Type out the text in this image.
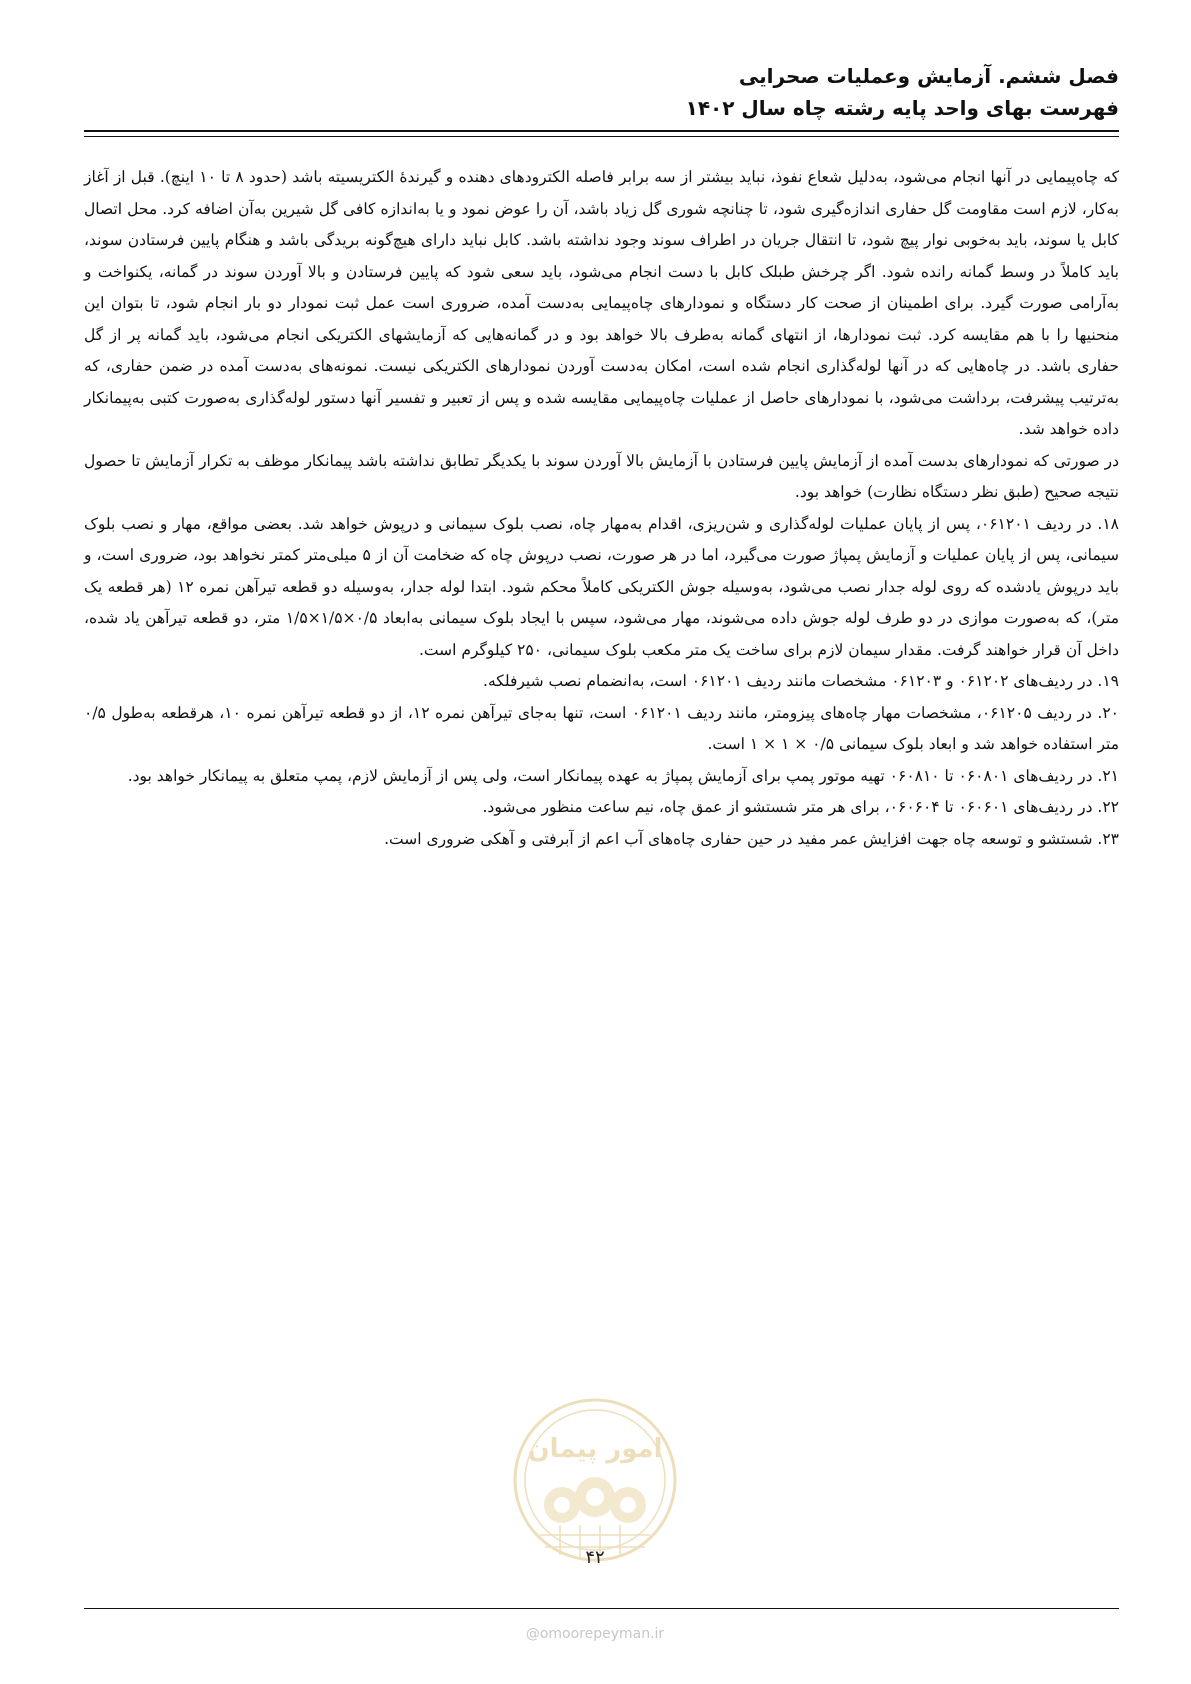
فصل ششم. آزمایش وعملیات صحرایی
فهرست بهای واحد پایه رشته چاه سال ۱۴۰۲

که چاه‌پیمایی در آنها انجام می‌شود، به‌دلیل شعاع نفوذ، نباید بیشتر از سه برابر فاصله الکترودهای دهنده و گیرندهٔ الکتریسیته باشد (حدود ۸ تا ۱۰ اینچ). قبل از آغاز به‌کار، لازم است مقاومت گل حفاری اندازه‌گیری شود، تا چنانچه شوری گل زیاد باشد، آن را عوض نمود و یا به‌اندازه کافی گل شیرین به‌آن اضافه کرد. محل اتصال کابل یا سوند، باید به‌خوبی نوار پیچ شود، تا انتقال جریان در اطراف سوند وجود نداشته باشد. کابل نباید دارای هیچ‌گونه بریدگی باشد و هنگام پایین فرستادن سوند، باید کاملاً در وسط گمانه رانده شود. اگر چرخش طبلک کابل با دست انجام می‌شود، باید سعی شود که پایین فرستادن و بالا آوردن سوند در گمانه، یکنواخت و به‌آرامی صورت گیرد. برای اطمینان از صحت کار دستگاه و نمودارهای چاه‌پیمایی به‌دست آمده، ضروری است عمل ثبت نمودار دو بار انجام شود، تا بتوان این منحنیها را با هم مقایسه کرد. ثبت نمودارها، از انتهای گمانه به‌طرف بالا خواهد بود و در گمانه‌هایی که آزمایشهای الکتریکی انجام می‌شود، باید گمانه پر از گل حفاری باشد. در چاه‌هایی که در آنها لوله‌گذاری انجام شده است، امکان به‌دست آوردن نمودارهای الکتریکی نیست. نمونه‌های به‌دست آمده در ضمن حفاری، که به‌ترتیب پیشرفت، برداشت می‌شود، با نمودارهای حاصل از عملیات چاه‌پیمایی مقایسه شده و پس از تعبیر و تفسیر آنها دستور لوله‌گذاری به‌صورت کتبی به‌پیمانکار داده خواهد شد.

در صورتی که نمودارهای بدست آمده از آزمایش پایین فرستادن با آزمایش بالا آوردن سوند با یکدیگر تطابق نداشته باشد پیمانکار موظف به تکرار آزمایش تا حصول نتیجه صحیح (طبق نظر دستگاه نظارت) خواهد بود.

۱۸. در ردیف ۰۶۱۲۰۱، پس از پایان عملیات لوله‌گذاری و شن‌ریزی، اقدام به‌مهار چاه، نصب بلوک سیمانی و درپوش خواهد شد. بعضی مواقع، مهار و نصب بلوک سیمانی، پس از پایان عملیات و آزمایش پمپاژ صورت می‌گیرد، اما در هر صورت، نصب درپوش چاه که ضخامت آن از ۵ میلی‌متر کمتر نخواهد بود، ضروری است، و باید درپوش یادشده که روی لوله جدار نصب می‌شود، به‌وسیله جوش الکتریکی کاملاً محکم شود. ابتدا لوله جدار، به‌وسیله دو قطعه تیرآهن نمره ۱۲ (هر قطعه یک متر)، که به‌صورت موازی در دو طرف لوله جوش داده می‌شوند، مهار می‌شود، سپس با ایجاد بلوک سیمانی به‌ابعاد ۰/۵×۱/۵×۱/۵ متر، دو قطعه تیرآهن یاد شده، داخل آن قرار خواهند گرفت. مقدار سیمان لازم برای ساخت یک متر مکعب بلوک سیمانی، ۲۵۰ کیلوگرم است.

۱۹. در ردیف‌های ۰۶۱۲۰۲ و ۰۶۱۲۰۳ مشخصات مانند ردیف ۰۶۱۲۰۱ است، به‌انضمام نصب شیرفلکه.

۲۰. در ردیف ۰۶۱۲۰۵، مشخصات مهار چاه‌های پیزومتر، مانند ردیف ۰۶۱۲۰۱ است، تنها به‌جای تیرآهن نمره ۱۲، از دو قطعه تیرآهن نمره ۱۰، هرقطعه به‌طول ۰/۵ متر استفاده خواهد شد و ابعاد بلوک سیمانی ۰/۵ × ۱ × ۱ است.

۲۱. در ردیف‌های ۰۶۰۸۰۱ تا ۰۶۰۸۱۰ تهیه موتور پمپ برای آزمایش پمپاژ به عهده پیمانکار است، ولی پس از آزمایش لازم، پمپ متعلق به پیمانکار خواهد بود.

۲۲. در ردیف‌های ۰۶۰۶۰۱ تا ۰۶۰۶۰۴، برای هر متر شستشو از عمق چاه، نیم ساعت منظور می‌شود.

۲۳. شستشو و توسعه چاه جهت افزایش عمر مفید در حین حفاری چاه‌های آب اعم از آبرفتی و آهکی ضروری است.

امور پیمان
۴۲
@omoorepeyman.ir
